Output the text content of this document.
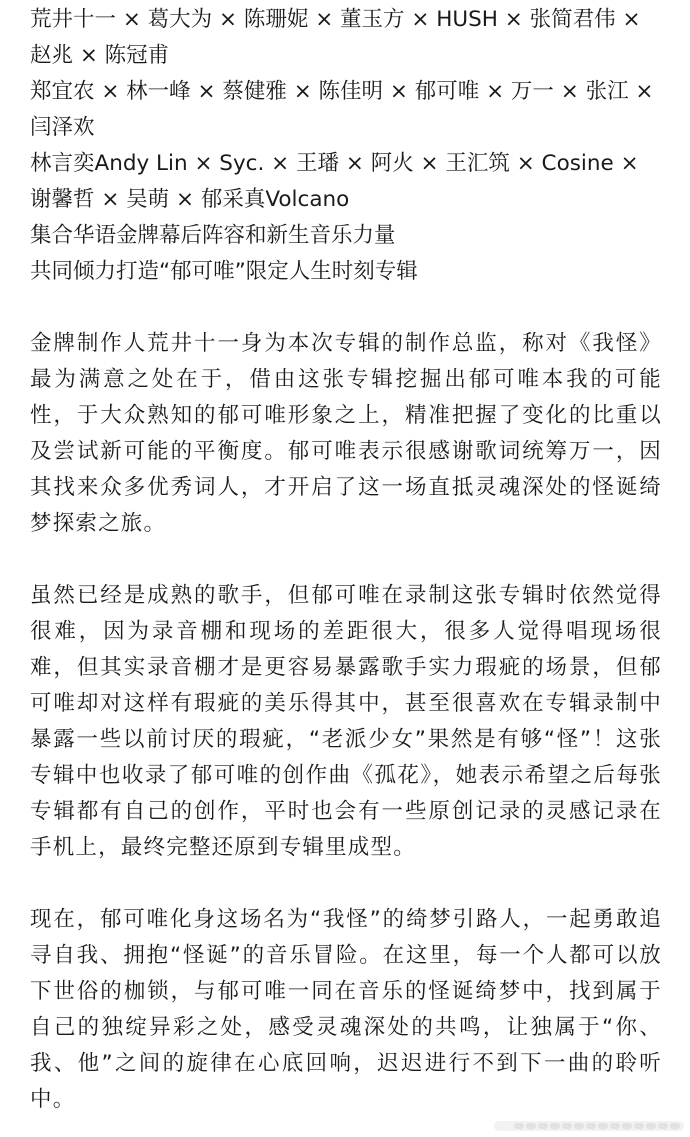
荒井十一 × 葛大为 × 陈珊妮 × 董玉方 × HUSH × 张简君伟 × 赵兆 × 陈冠甫
郑宜农 × 林一峰 × 蔡健雅 × 陈佳明 × 郁可唯 × 万一 × 张江 × 闫泽欢
林言奕Andy Lin × Syc. × 王璠 × 阿火 × 王汇筑 × Cosine × 谢馨哲 × 吴萌 × 郁采真Volcano
集合华语金牌幕后阵容和新生音乐力量
共同倾力打造“郁可唯”限定人生时刻专辑

金牌制作人荒井十一身为本次专辑的制作总监，称对《我怪》最为满意之处在于，借由这张专辑挖掘出郁可唯本我的可能性，于大众熟知的郁可唯形象之上，精准把握了变化的比重以及尝试新可能的平衡度。郁可唯表示很感谢歌词统筹万一，因其找来众多优秀词人，才开启了这一场直抵灵魂深处的怪诞绮梦探索之旅。

虽然已经是成熟的歌手，但郁可唯在录制这张专辑时依然觉得很难，因为录音棚和现场的差距很大，很多人觉得唱现场很难，但其实录音棚才是更容易暴露歌手实力瑕疵的场景，但郁可唯却对这样有瑕疵的美乐得其中，甚至很喜欢在专辑录制中暴露一些以前讨厌的瑕疵，“老派少女”果然是有够“怪”！这张专辑中也收录了郁可唯的创作曲《孤花》，她表示希望之后每张专辑都有自己的创作，平时也会有一些原创记录的灵感记录在手机上，最终完整还原到专辑里成型。

现在，郁可唯化身这场名为“我怪”的绮梦引路人，一起勇敢追寻自我、拥抱“怪诞”的音乐冒险。在这里，每一个人都可以放下世俗的枷锁，与郁可唯一同在音乐的怪诞绮梦中，找到属于自己的独绽异彩之处，感受灵魂深处的共鸣，让独属于“你、我、他”之间的旋律在心底回响，迟迟进行不到下一曲的聆听中。
